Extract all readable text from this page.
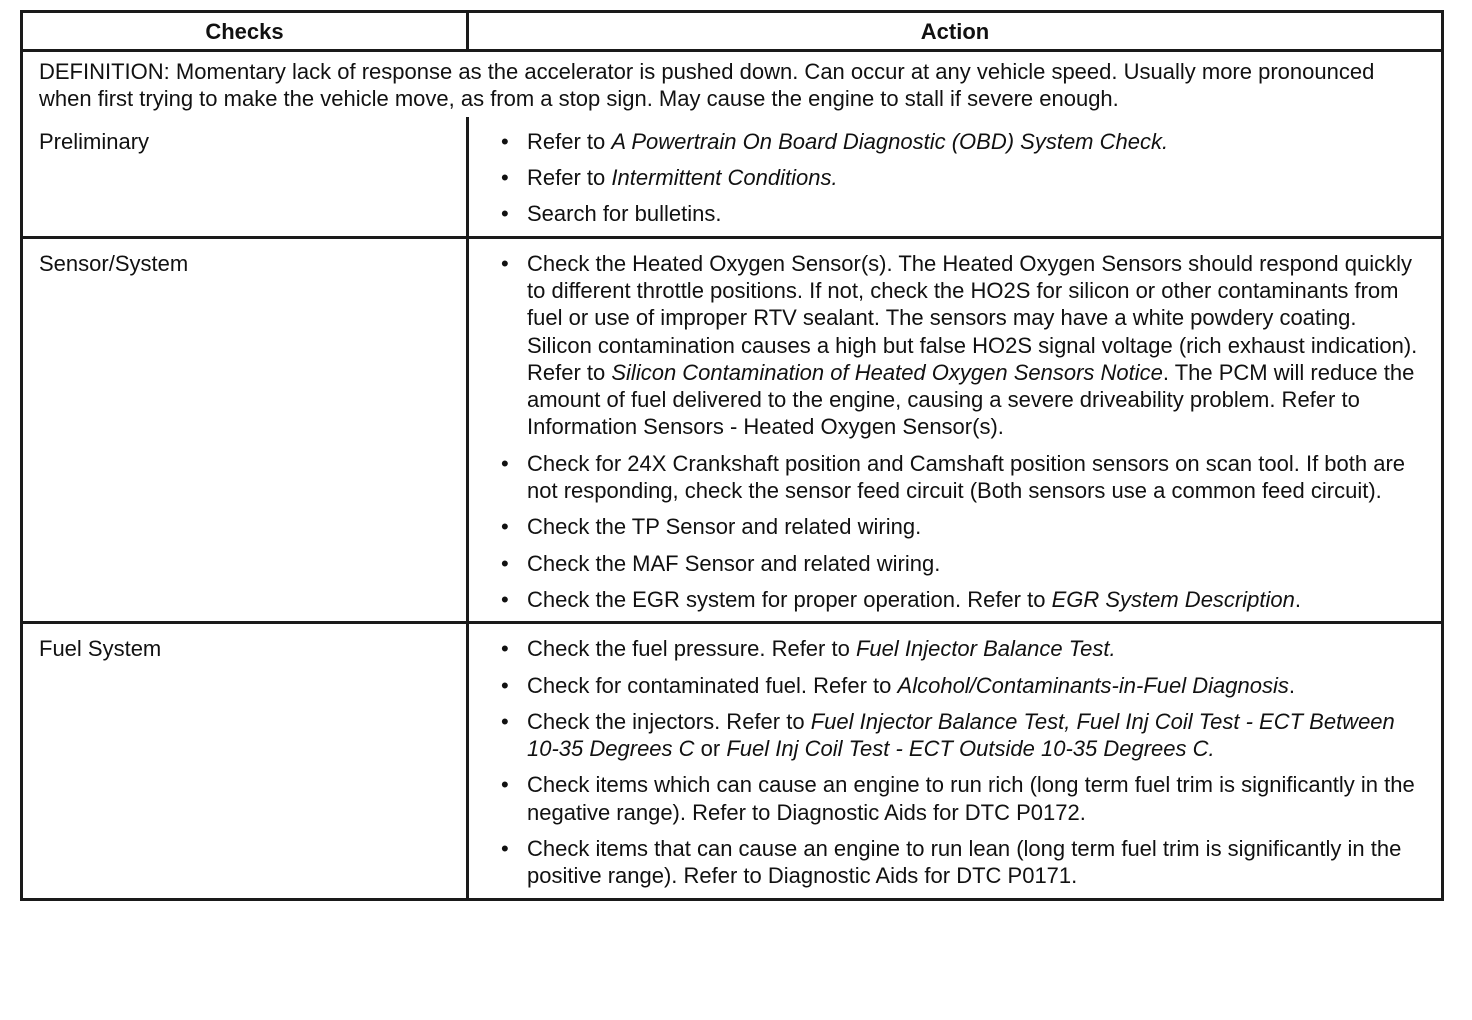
Checks	Action
DEFINITION: Momentary lack of response as the accelerator is pushed down. Can occur at any vehicle speed. Usually more pronounced when first trying to make the vehicle move, as from a stop sign. May cause the engine to stall if severe enough.
Preliminary	• Refer to A Powertrain On Board Diagnostic (OBD) System Check.
• Refer to Intermittent Conditions.
• Search for bulletins.
Sensor/System	• Check the Heated Oxygen Sensor(s). The Heated Oxygen Sensors should respond quickly to different throttle positions. If not, check the HO2S for silicon or other contaminants from fuel or use of improper RTV sealant. The sensors may have a white powdery coating. Silicon contamination causes a high but false HO2S signal voltage (rich exhaust indication). Refer to Silicon Contamination of Heated Oxygen Sensors Notice. The PCM will reduce the amount of fuel delivered to the engine, causing a severe driveability problem. Refer to Information Sensors - Heated Oxygen Sensor(s).
• Check for 24X Crankshaft position and Camshaft position sensors on scan tool. If both are not responding, check the sensor feed circuit (Both sensors use a common feed circuit).
• Check the TP Sensor and related wiring.
• Check the MAF Sensor and related wiring.
• Check the EGR system for proper operation. Refer to EGR System Description.
Fuel System	• Check the fuel pressure. Refer to Fuel Injector Balance Test.
• Check for contaminated fuel. Refer to Alcohol/Contaminants-in-Fuel Diagnosis.
• Check the injectors. Refer to Fuel Injector Balance Test, Fuel Inj Coil Test - ECT Between 10-35 Degrees C or Fuel Inj Coil Test - ECT Outside 10-35 Degrees C.
• Check items which can cause an engine to run rich (long term fuel trim is significantly in the negative range). Refer to Diagnostic Aids for DTC P0172.
• Check items that can cause an engine to run lean (long term fuel trim is significantly in the positive range). Refer to Diagnostic Aids for DTC P0171.
